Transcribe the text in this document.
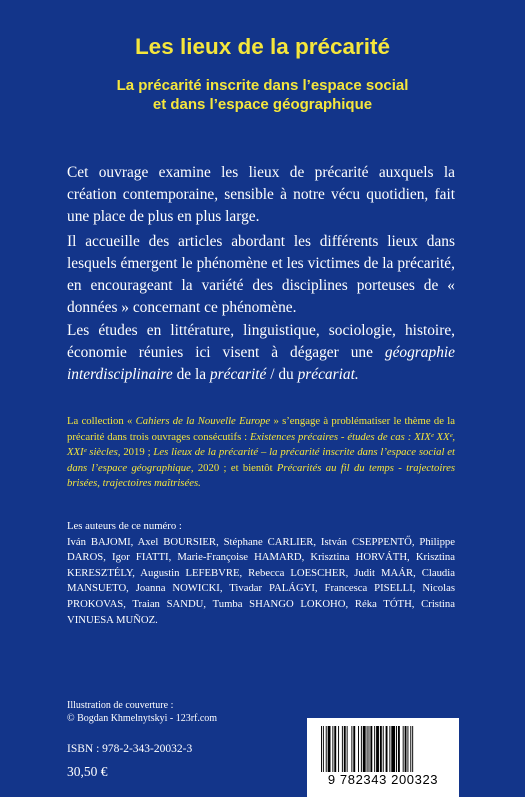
Les lieux de la précarité
La précarité inscrite dans l’espace social
et dans l’espace géographique
Cet ouvrage examine les lieux de précarité auxquels la création contemporaine, sensible à notre vécu quotidien, fait une place de plus en plus large.
Il accueille des articles abordant les différents lieux dans lesquels émergent le phénomène et les victimes de la précarité, en encourageant la variété des disciplines porteuses de « données » concernant ce phénomène.
Les études en littérature, linguistique, sociologie, histoire, économie réunies ici visent à dégager une géographie interdisciplinaire de la précarité / du précariat.
La collection « Cahiers de la Nouvelle Europe » s’engage à problématiser le thème de la précarité dans trois ouvrages consécutifs : Existences précaires - études de cas : XIXᵉ XXᵉ, XXIᵉ siècles, 2019 ; Les lieux de la précarité – la précarité inscrite dans l’espace social et dans l’espace géographique, 2020 ; et bientôt Précarités au fil du temps - trajectoires brisées, trajectoires maîtrisées.
Les auteurs de ce numéro :
Iván BAJOMI, Axel BOURSIER, Stéphane CARLIER, István CSEPPENTŐ, Philippe DAROS, Igor FIATTI, Marie-Françoise HAMARD, Krisztina HORVÁTH, Krisztina KERESZTÉLY, Augustin LEFEBVRE, Rebecca LOESCHER, Judit MAÁR, Claudia MANSUETO, Joanna NOWICKI, Tivadar PALÁGYI, Francesca PISELLI, Nicolas PROKOVAS, Traian SANDU, Tumba SHANGO LOKOHO, Réka TÓTH, Cristina VINUESA MUÑOZ.
Illustration de couverture :
© Bogdan Khmelnytskyi - 123rf.com
ISBN : 978-2-343-20032-3
30,50 €
9 782343 200323
